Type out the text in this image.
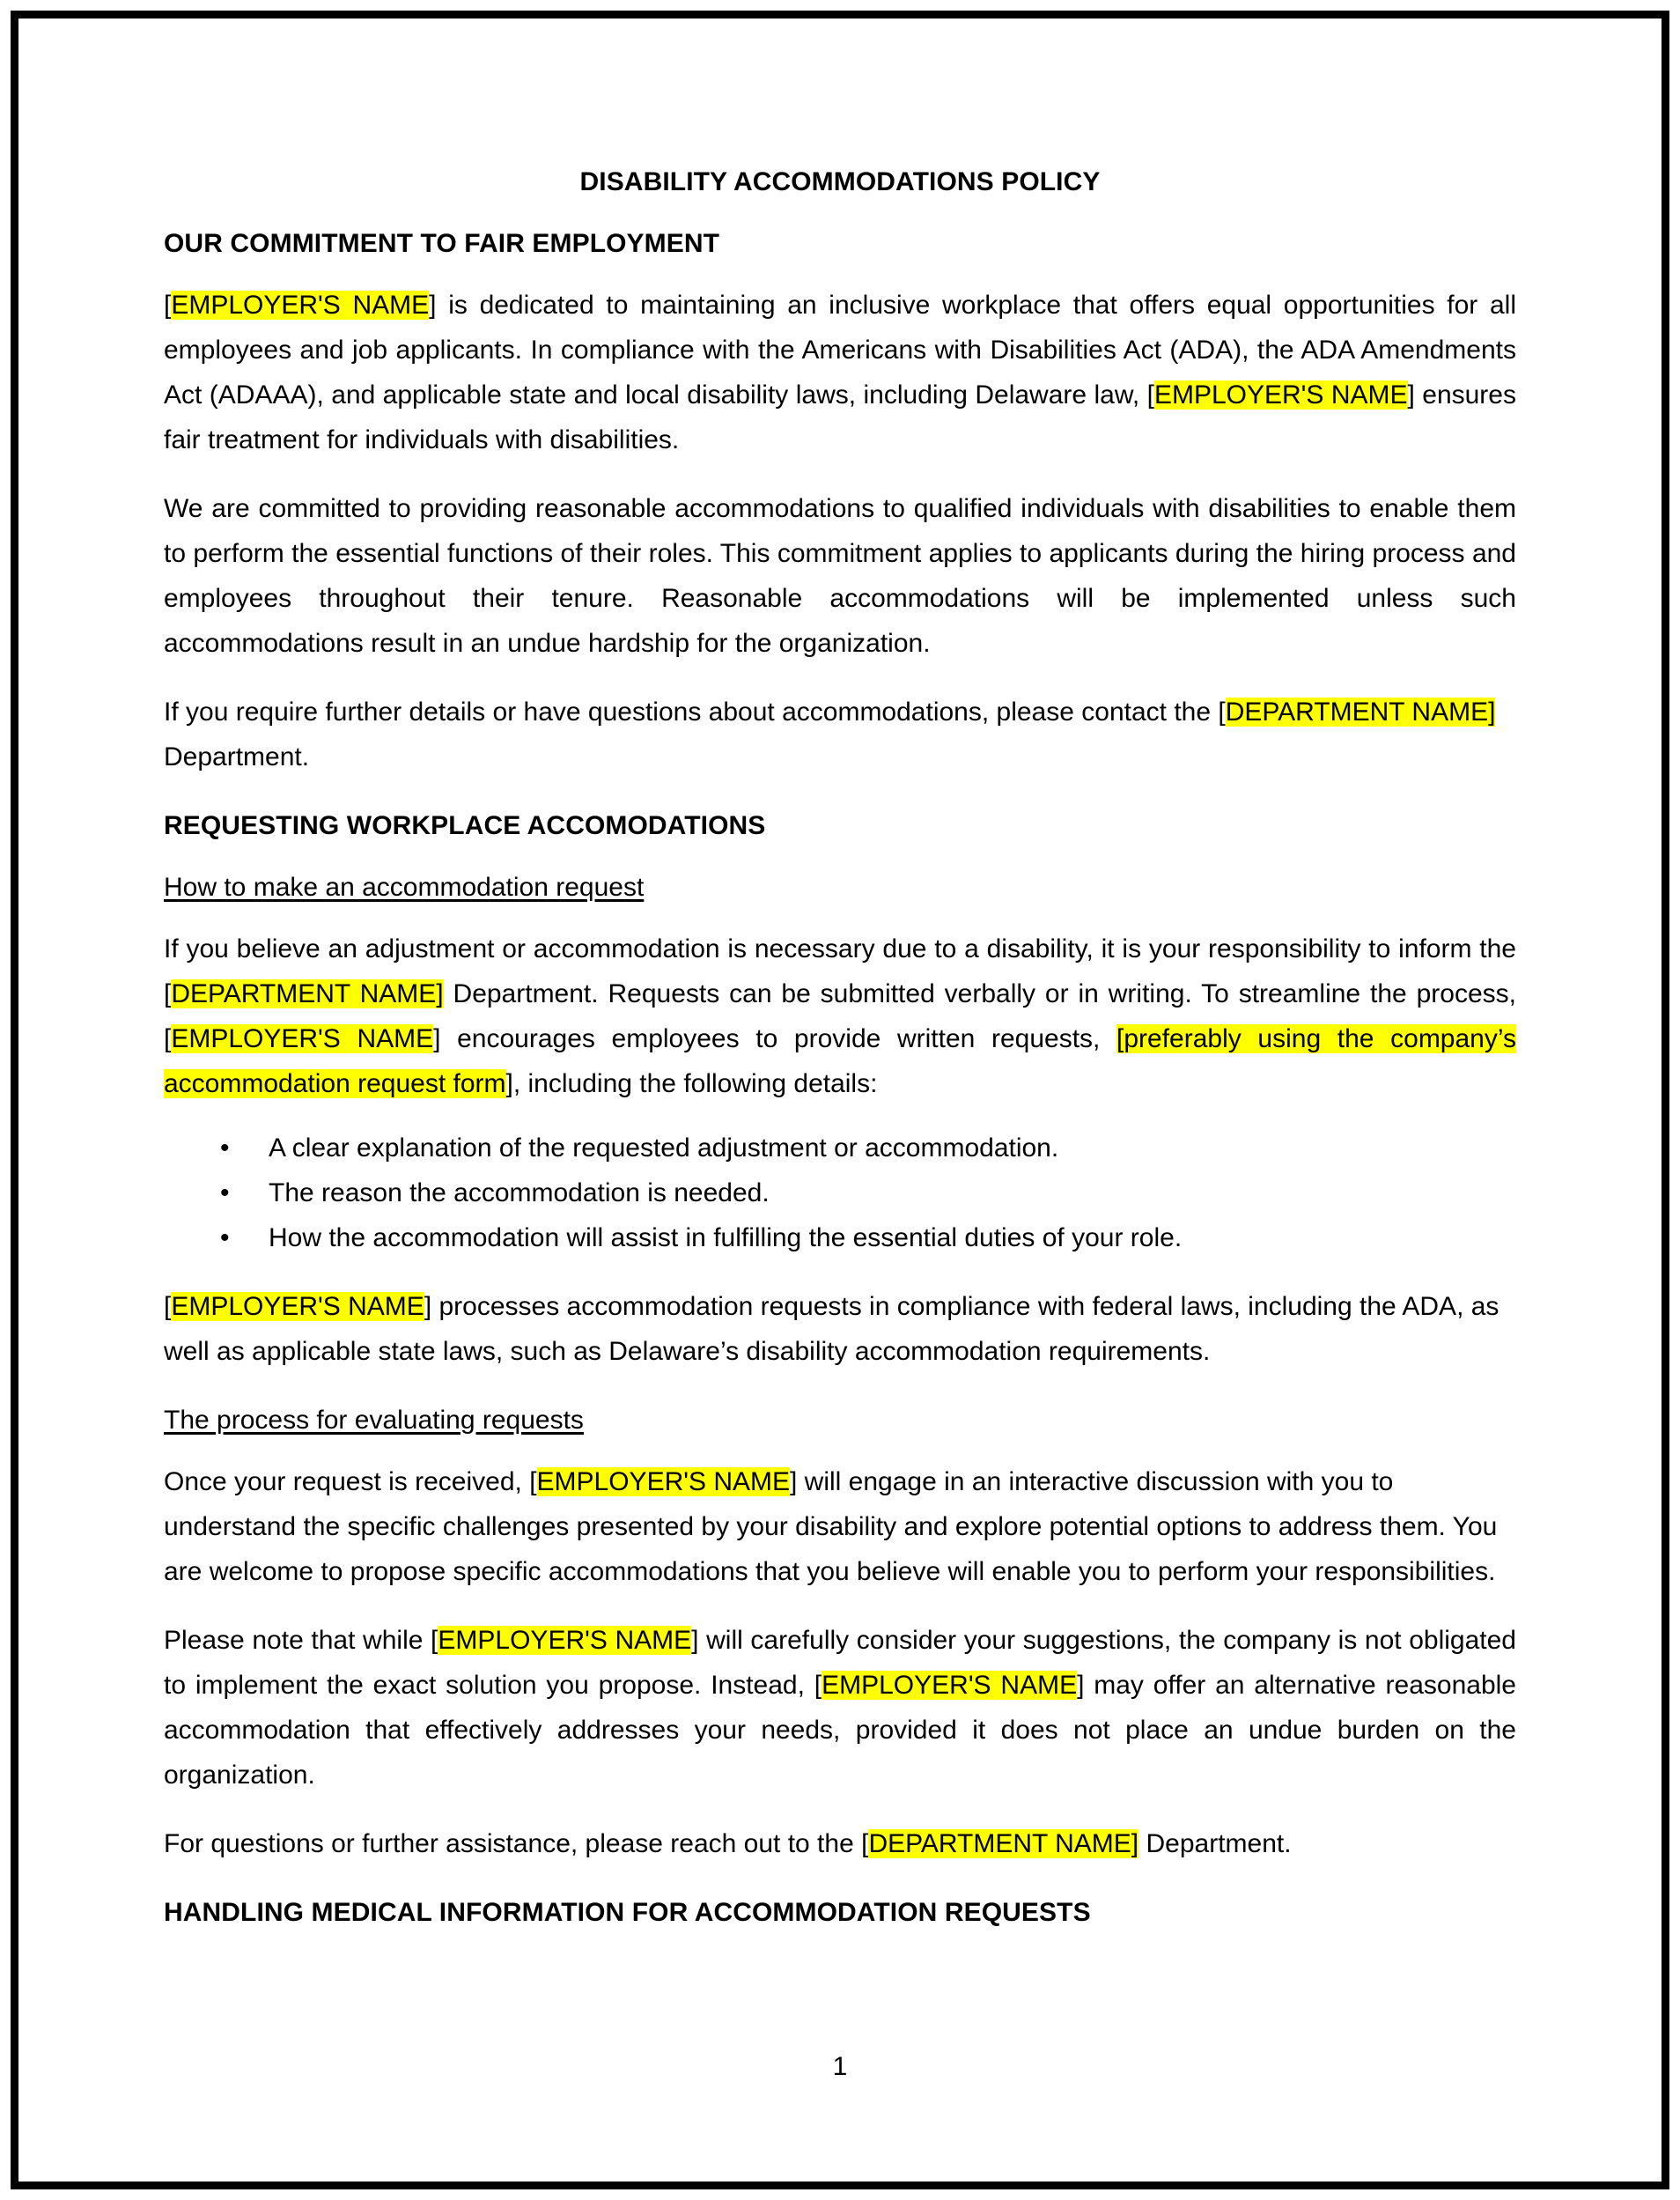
DISABILITY ACCOMMODATIONS POLICY
OUR COMMITMENT TO FAIR EMPLOYMENT

[EMPLOYER'S NAME] is dedicated to maintaining an inclusive workplace that offers equal opportunities for all employees and job applicants. In compliance with the Americans with Disabilities Act (ADA), the ADA Amendments Act (ADAAA), and applicable state and local disability laws, including Delaware law, [EMPLOYER'S NAME] ensures fair treatment for individuals with disabilities.

We are committed to providing reasonable accommodations to qualified individuals with disabilities to enable them to perform the essential functions of their roles. This commitment applies to applicants during the hiring process and employees throughout their tenure. Reasonable accommodations will be implemented unless such accommodations result in an undue hardship for the organization.

If you require further details or have questions about accommodations, please contact the [DEPARTMENT NAME] Department.

REQUESTING WORKPLACE ACCOMODATIONS
How to make an accommodation request

If you believe an adjustment or accommodation is necessary due to a disability, it is your responsibility to inform the [DEPARTMENT NAME] Department. Requests can be submitted verbally or in writing. To streamline the process, [EMPLOYER'S NAME] encourages employees to provide written requests, [preferably using the company’s accommodation request form], including the following details:

• A clear explanation of the requested adjustment or accommodation.
• The reason the accommodation is needed.
• How the accommodation will assist in fulfilling the essential duties of your role.

[EMPLOYER'S NAME] processes accommodation requests in compliance with federal laws, including the ADA, as well as applicable state laws, such as Delaware’s disability accommodation requirements.

The process for evaluating requests

Once your request is received, [EMPLOYER'S NAME] will engage in an interactive discussion with you to understand the specific challenges presented by your disability and explore potential options to address them. You are welcome to propose specific accommodations that you believe will enable you to perform your responsibilities.

Please note that while [EMPLOYER'S NAME] will carefully consider your suggestions, the company is not obligated to implement the exact solution you propose. Instead, [EMPLOYER'S NAME] may offer an alternative reasonable accommodation that effectively addresses your needs, provided it does not place an undue burden on the organization.

For questions or further assistance, please reach out to the [DEPARTMENT NAME] Department.

HANDLING MEDICAL INFORMATION FOR ACCOMMODATION REQUESTS
1
